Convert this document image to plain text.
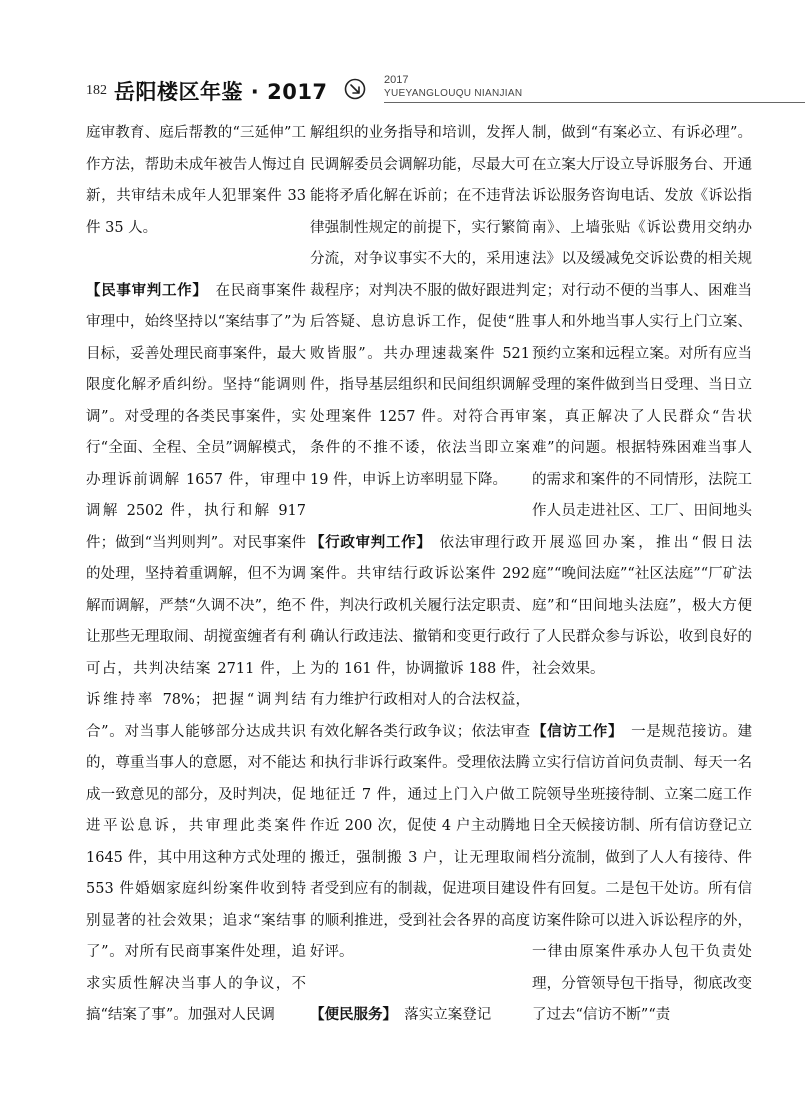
182 岳阳楼区年鉴 · 2017	2017
YUEYANGLOUQU NIANJIAN

庭审教育、庭后帮教的“三延伸”工作方法，帮助未成年被告人悔过自新，共审结未成年人犯罪案件 33 件 35 人。

【民事审判工作】　在民商事案件审理中，始终坚持以“案结事了”为目标，妥善处理民商事案件，最大限度化解矛盾纠纷。坚持“能调则调”。对受理的各类民事案件，实行“全面、全程、全员”调解模式，办理诉前调解 1657 件，审理中调解 2502 件，执行和解 917 件；做到“当判则判”。对民事案件的处理，坚持着重调解，但不为调解而调解，严禁“久调不决”，绝不让那些无理取闹、胡搅蛮缠者有利可占，共判决结案 2711 件，上诉维持率 78%；把握“调判结合”。对当事人能够部分达成共识的，尊重当事人的意愿，对不能达成一致意见的部分，及时判决，促进平讼息诉，共审理此类案件 1645 件，其中用这种方式处理的 553 件婚姻家庭纠纷案件收到特别显著的社会效果；追求“案结事了”。对所有民商事案件处理，追求实质性解决当事人的争议，不搞“结案了事”。加强对人民调

解组织的业务指导和培训，发挥人民调解委员会调解功能，尽最大可能将矛盾化解在诉前；在不违背法律强制性规定的前提下，实行繁简分流，对争议事实不大的，采用速裁程序；对判决不服的做好跟进判后答疑、息访息诉工作，促使“胜败皆服”。共办理速裁案件 521 件，指导基层组织和民间组织调解处理案件 1257 件。对符合再审条件的不推不诿，依法当即立案 19 件，申诉上访率明显下降。

【行政审判工作】　依法审理行政案件。共审结行政诉讼案件 292 件，判决行政机关履行法定职责、确认行政违法、撤销和变更行政行为的 161 件，协调撤诉 188 件，有力维护行政相对人的合法权益，有效化解各类行政争议；依法审查和执行非诉行政案件。受理依法腾地征迁 7 件，通过上门入户做工作近 200 次，促使 4 户主动腾地搬迁，强制搬 3 户，让无理取闹者受到应有的制裁，促进项目建设的顺利推进，受到社会各界的高度好评。

【便民服务】　落实立案登记

制，做到“有案必立、有诉必理”。在立案大厅设立导诉服务台、开通诉讼服务咨询电话、发放《诉讼指南》、上墙张贴《诉讼费用交纳办法》以及缓减免交诉讼费的相关规定；对行动不便的当事人、困难当事人和外地当事人实行上门立案、预约立案和远程立案。对所有应当受理的案件做到当日受理、当日立案，真正解决了人民群众“告状难”的问题。根据特殊困难当事人的需求和案件的不同情形，法院工作人员走进社区、工厂、田间地头开展巡回办案，推出“假日法庭”“晚间法庭”“社区法庭”“厂矿法庭”和“田间地头法庭”，极大方便了人民群众参与诉讼，收到良好的社会效果。

【信访工作】　一是规范接访。建立实行信访首问负责制、每天一名院领导坐班接待制、立案二庭工作日全天候接访制、所有信访登记立档分流制，做到了人人有接待、件件有回复。二是包干处访。所有信访案件除可以进入诉讼程序的外，一律由原案件承办人包干负责处理，分管领导包干指导，彻底改变了过去“信访不断”“责
